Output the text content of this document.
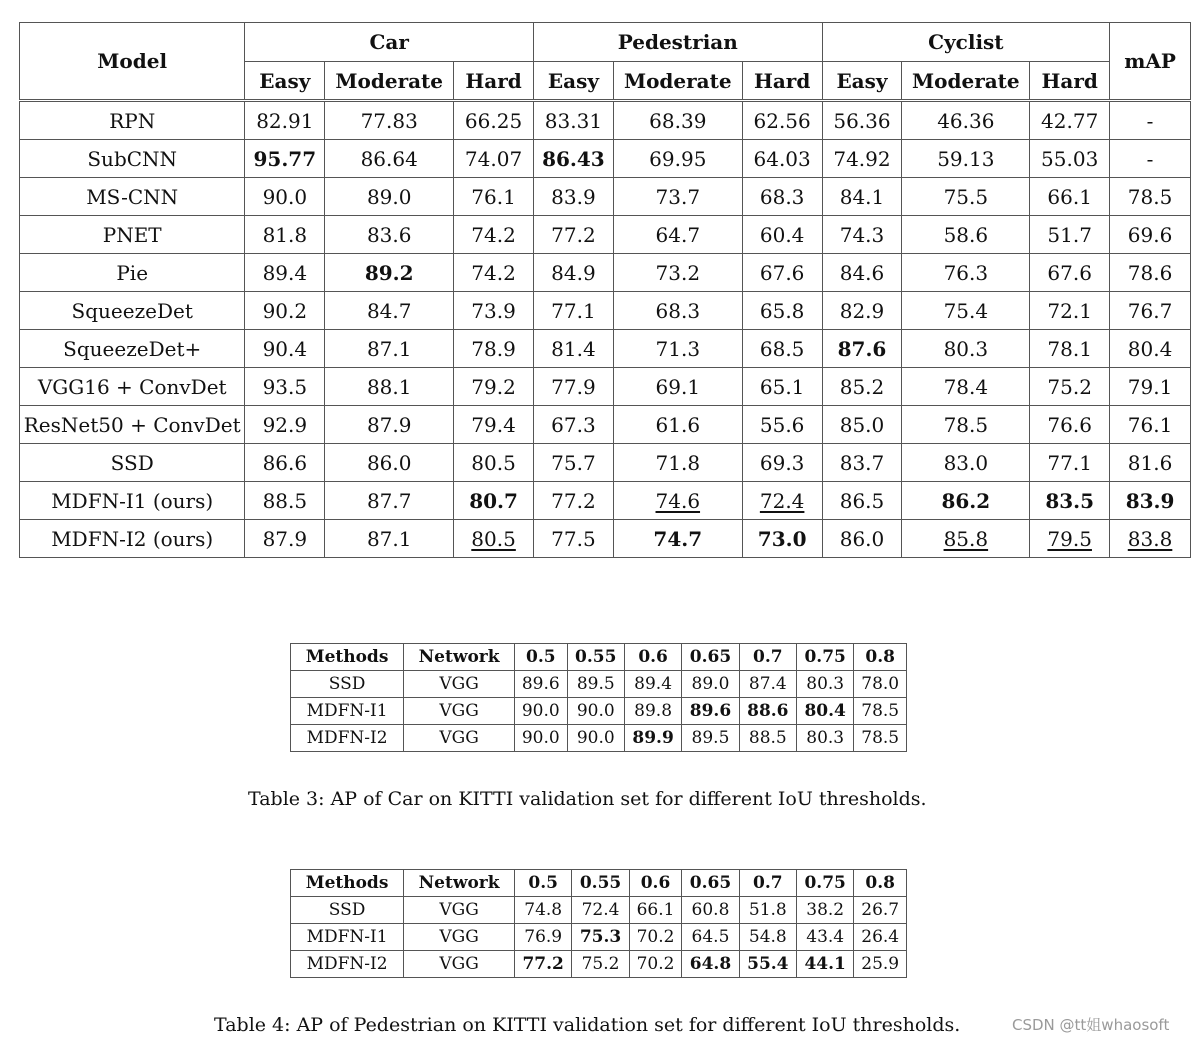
Model	Car			Pedestrian			Cyclist			mAP
	Easy	Moderate	Hard	Easy	Moderate	Hard	Easy	Moderate	Hard	
RPN	82.91	77.83	66.25	83.31	68.39	62.56	56.36	46.36	42.77	-
SubCNN	95.77	86.64	74.07	86.43	69.95	64.03	74.92	59.13	55.03	-
MS-CNN	90.0	89.0	76.1	83.9	73.7	68.3	84.1	75.5	66.1	78.5
PNET	81.8	83.6	74.2	77.2	64.7	60.4	74.3	58.6	51.7	69.6
Pie	89.4	89.2	74.2	84.9	73.2	67.6	84.6	76.3	67.6	78.6
SqueezeDet	90.2	84.7	73.9	77.1	68.3	65.8	82.9	75.4	72.1	76.7
SqueezeDet+	90.4	87.1	78.9	81.4	71.3	68.5	87.6	80.3	78.1	80.4
VGG16 + ConvDet	93.5	88.1	79.2	77.9	69.1	65.1	85.2	78.4	75.2	79.1
ResNet50 + ConvDet	92.9	87.9	79.4	67.3	61.6	55.6	85.0	78.5	76.6	76.1
SSD	86.6	86.0	80.5	75.7	71.8	69.3	83.7	83.0	77.1	81.6
MDFN-I1 (ours)	88.5	87.7	80.7	77.2	74.6	72.4	86.5	86.2	83.5	83.9
MDFN-I2 (ours)	87.9	87.1	80.5	77.5	74.7	73.0	86.0	85.8	79.5	83.8
Methods	Network	0.5	0.55	0.6	0.65	0.7	0.75	0.8
SSD	VGG	89.6	89.5	89.4	89.0	87.4	80.3	78.0
MDFN-I1	VGG	90.0	90.0	89.8	89.6	88.6	80.4	78.5
MDFN-I2	VGG	90.0	90.0	89.9	89.5	88.5	80.3	78.5
Table 3: AP of Car on KITTI validation set for different IoU thresholds.
Methods	Network	0.5	0.55	0.6	0.65	0.7	0.75	0.8
SSD	VGG	74.8	72.4	66.1	60.8	51.8	38.2	26.7
MDFN-I1	VGG	76.9	75.3	70.2	64.5	54.8	43.4	26.4
MDFN-I2	VGG	77.2	75.2	70.2	64.8	55.4	44.1	25.9
Table 4: AP of Pedestrian on KITTI validation set for different IoU thresholds.	CSDN @tt姐whaosoft
